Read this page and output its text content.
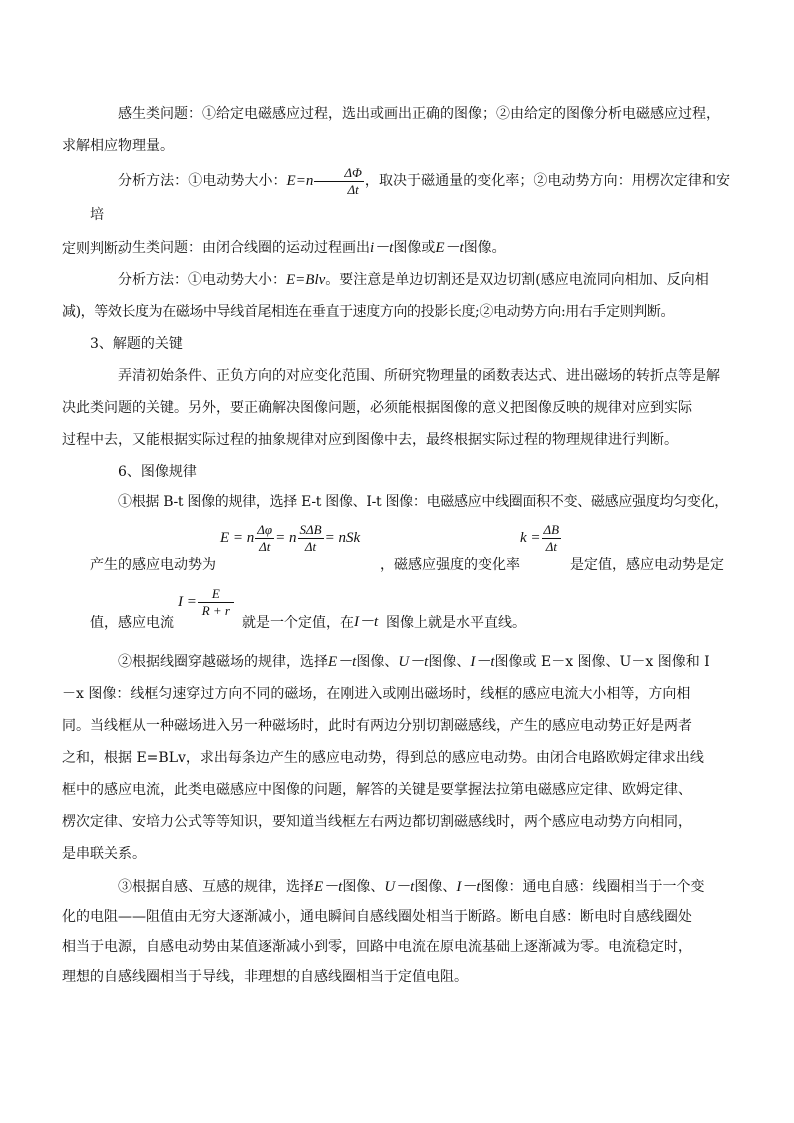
感生类问题：①给定电磁感应过程，选出或画出正确的图像；②由给定的图像分析电磁感应过程，
求解相应物理量。
分析方法：①电动势大小：$E=n \frac{\Delta\Phi}{\Delta t}$ ，取决于磁通量的变化率；②电动势方向：用楞次定律和安培
定则判断。
动生类问题：由闭合线圈的运动过程画出i－t图像或E－t图像。
分析方法：①电动势大小：E=Blv。要注意是单边切割还是双边切割(感应电流同向相加、反向相
减)，等效长度为在磁场中导线首尾相连在垂直于速度方向的投影长度;②电动势方向:用右手定则判断。
3、解题的关键
弄清初始条件、正负方向的对应变化范围、所研究物理量的函数表达式、进出磁场的转折点等是解
决此类问题的关键。另外，要正确解决图像问题，必须能根据图像的意义把图像反映的规律对应到实际
过程中去，又能根据实际过程的抽象规律对应到图像中去，最终根据实际过程的物理规律进行判断。
6、图像规律
①根据 B-t 图像的规律，选择 E-t 图像、I-t 图像：电磁感应中线圈面积不变、磁感应强度均匀变化，
产生的感应电动势为
E = n $\frac{\Delta\varphi}{\Delta t} = n \frac{\text{SΔB}}{\Delta t}$ = nSk
，磁感应强度的变化率
$k = \frac{\Delta B}{\Delta t}$
是定值，感应电动势是定
值，感应电流
$I = \frac{E}{R + r}$
就是一个定值，在 I－t 图像上就是水平直线。
②根据线圈穿越磁场的规律，选择E－t图像、U－t图像、I－t图像或 E－x 图像、U－x 图像和 I
－x 图像：线框匀速穿过方向不同的磁场，在刚进入或刚出磁场时，线框的感应电流大小相等，方向相
同。当线框从一种磁场进入另一种磁场时，此时有两边分别切割磁感线，产生的感应电动势正好是两者
之和，根据 E=BLv，求出每条边产生的感应电动势，得到总的感应电动势。由闭合电路欧姆定律求出线
框中的感应电流，此类电磁感应中图像的问题，解答的关键是要掌握法拉第电磁感应定律、欧姆定律、
楞次定律、安培力公式等等知识，要知道当线框左右两边都切割磁感线时，两个感应电动势方向相同，
是串联关系。
③根据自感、互感的规律，选择E－t图像、U－t图像、I－t图像：通电自感：线圈相当于一个变
化的电阻——阻值由无穷大逐渐减小，通电瞬间自感线圈处相当于断路。断电自感：断电时自感线圈处
相当于电源，自感电动势由某值逐渐减小到零，回路中电流在原电流基础上逐渐减为零。电流稳定时，
理想的自感线圈相当于导线，非理想的自感线圈相当于定值电阻。
